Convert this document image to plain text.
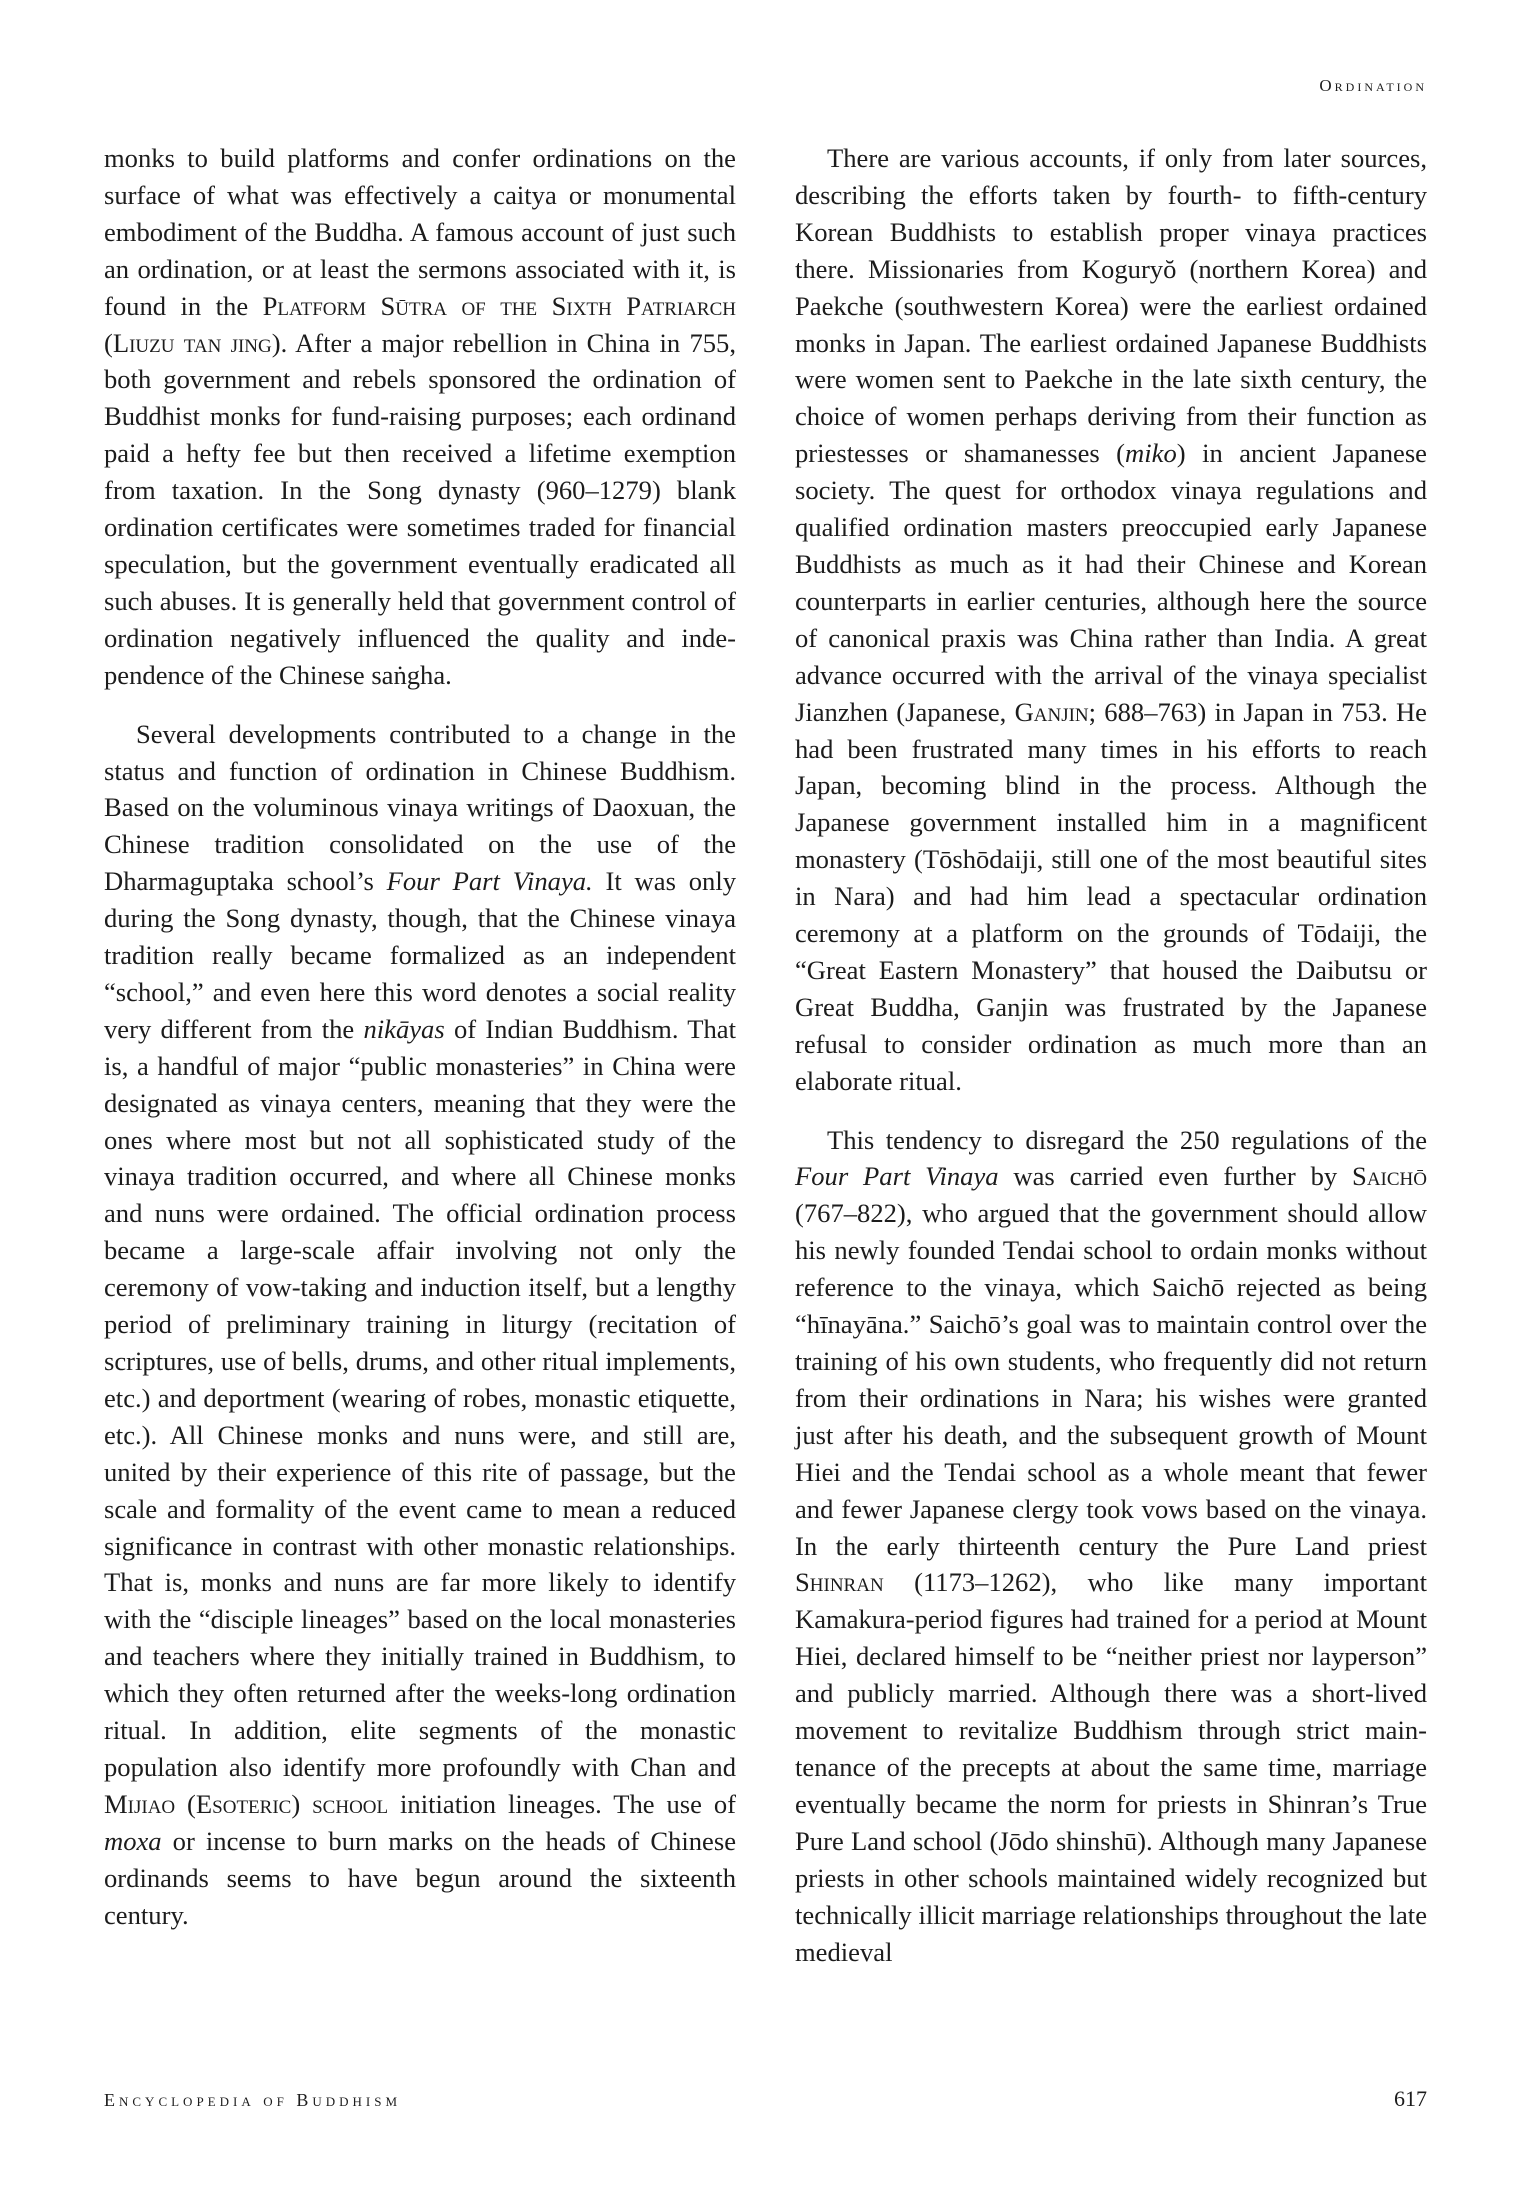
Ordination

monks to build platforms and confer ordinations on the surface of what was effectively a caitya or monumental embodiment of the Buddha. A famous account of just such an ordination, or at least the sermons associated with it, is found in the Platform Sūtra of the Sixth Patriarch (Liuzu tan jing). After a major rebellion in China in 755, both government and rebels sponsored the ordination of Buddhist monks for fund-raising purposes; each ordinand paid a hefty fee but then received a lifetime exemption from taxation. In the Song dynasty (960–1279) blank ordination certificates were sometimes traded for financial speculation, but the government eventually eradicated all such abuses. It is generally held that government control of ordination negatively influenced the quality and independence of the Chinese saṅgha.

Several developments contributed to a change in the status and function of ordination in Chinese Buddhism. Based on the voluminous vinaya writings of Daoxuan, the Chinese tradition consolidated on the use of the Dharmaguptaka school’s Four Part Vinaya. It was only during the Song dynasty, though, that the Chinese vinaya tradition really became formalized as an independent “school,” and even here this word denotes a social reality very different from the nikāyas of Indian Buddhism. That is, a handful of major “public monasteries” in China were designated as vinaya centers, meaning that they were the ones where most but not all sophisticated study of the vinaya tradition occurred, and where all Chinese monks and nuns were ordained. The official ordination process became a large-scale affair involving not only the ceremony of vow-taking and induction itself, but a lengthy period of preliminary training in liturgy (recitation of scriptures, use of bells, drums, and other ritual implements, etc.) and deportment (wearing of robes, monastic etiquette, etc.). All Chinese monks and nuns were, and still are, united by their experience of this rite of passage, but the scale and formality of the event came to mean a reduced significance in contrast with other monastic relationships. That is, monks and nuns are far more likely to identify with the “disciple lineages” based on the local monasteries and teachers where they initially trained in Buddhism, to which they often returned after the weeks-long ordination ritual. In addition, elite segments of the monastic population also identify more profoundly with Chan and Mijiao (Esoteric) school initiation lineages. The use of moxa or incense to burn marks on the heads of Chinese ordinands seems to have begun around the sixteenth century.

There are various accounts, if only from later sources, describing the efforts taken by fourth- to fifth-century Korean Buddhists to establish proper vinaya practices there. Missionaries from Koguryŏ (northern Korea) and Paekche (southwestern Korea) were the earliest ordained monks in Japan. The earliest ordained Japanese Buddhists were women sent to Paekche in the late sixth century, the choice of women perhaps deriving from their function as priestesses or shamanesses (miko) in ancient Japanese society. The quest for orthodox vinaya regulations and qualified ordination masters preoccupied early Japanese Buddhists as much as it had their Chinese and Korean counterparts in earlier centuries, although here the source of canonical praxis was China rather than India. A great advance occurred with the arrival of the vinaya specialist Jianzhen (Japanese, Ganjin; 688–763) in Japan in 753. He had been frustrated many times in his efforts to reach Japan, becoming blind in the process. Although the Japanese government installed him in a magnificent monastery (Tōshōdaiji, still one of the most beautiful sites in Nara) and had him lead a spectacular ordination ceremony at a platform on the grounds of Tōdaiji, the “Great Eastern Monastery” that housed the Daibutsu or Great Buddha, Ganjin was frustrated by the Japanese refusal to consider ordination as much more than an elaborate ritual.

This tendency to disregard the 250 regulations of the Four Part Vinaya was carried even further by Saichō (767–822), who argued that the government should allow his newly founded Tendai school to ordain monks without reference to the vinaya, which Saichō rejected as being “hīnayāna.” Saichō’s goal was to maintain control over the training of his own students, who frequently did not return from their ordinations in Nara; his wishes were granted just after his death, and the subsequent growth of Mount Hiei and the Tendai school as a whole meant that fewer and fewer Japanese clergy took vows based on the vinaya. In the early thirteenth century the Pure Land priest Shinran (1173–1262), who like many important Kamakura-period figures had trained for a period at Mount Hiei, declared himself to be “neither priest nor layperson” and publicly married. Although there was a short-lived movement to revitalize Buddhism through strict maintenance of the precepts at about the same time, marriage eventually became the norm for priests in Shinran’s True Pure Land school (Jōdo shinshū). Although many Japanese priests in other schools maintained widely recognized but technically illicit marriage relationships throughout the late medieval

Encyclopedia of Buddhism	617
